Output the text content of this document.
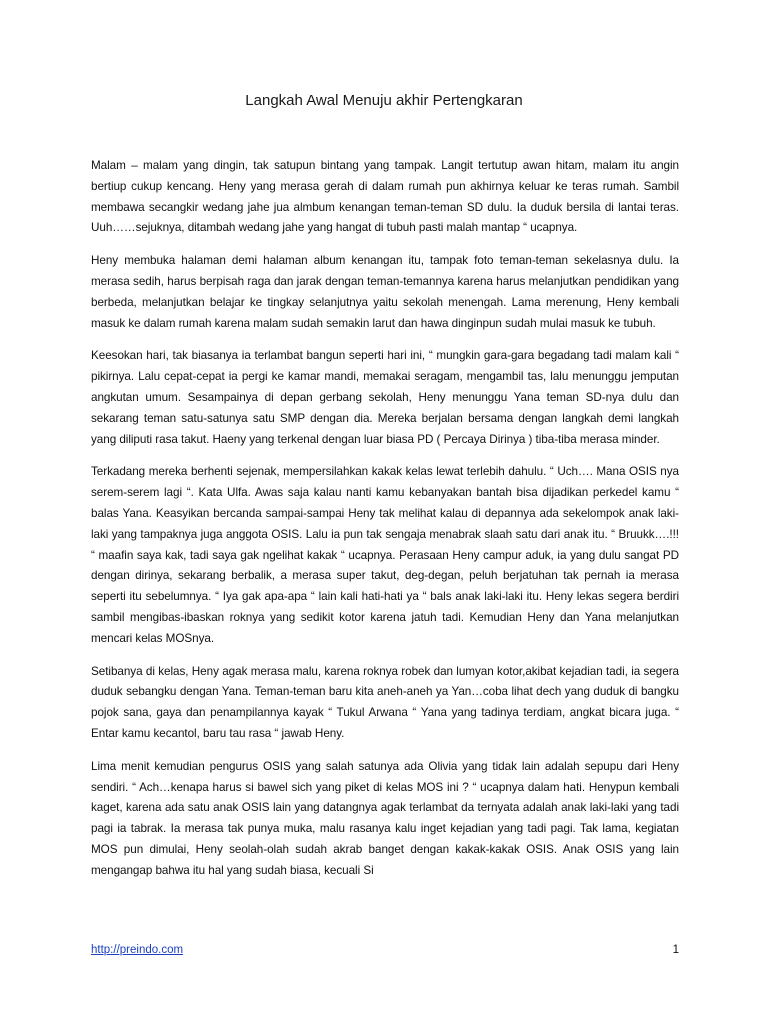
Langkah Awal Menuju akhir Pertengkaran

Malam – malam yang dingin, tak satupun bintang yang tampak. Langit tertutup awan hitam, malam itu angin bertiup cukup kencang. Heny yang merasa gerah di dalam rumah pun akhirnya keluar ke teras rumah. Sambil membawa secangkir wedang jahe jua almbum kenangan teman-teman SD dulu. Ia duduk bersila di lantai teras. Uuh……sejuknya, ditambah wedang jahe yang hangat di tubuh pasti malah mantap “ ucapnya.

Heny membuka halaman demi halaman album kenangan itu, tampak foto teman-teman sekelasnya dulu. Ia merasa sedih, harus berpisah raga dan jarak dengan teman-temannya karena harus melanjutkan pendidikan yang berbeda, melanjutkan belajar ke tingkay selanjutnya yaitu sekolah menengah. Lama merenung, Heny kembali masuk ke dalam rumah karena malam sudah semakin larut dan hawa dinginpun sudah mulai masuk ke tubuh.

Keesokan hari, tak biasanya ia terlambat bangun seperti hari ini, “ mungkin gara-gara begadang tadi malam kali “ pikirnya. Lalu cepat-cepat ia pergi ke kamar mandi, memakai seragam, mengambil tas, lalu menunggu jemputan angkutan umum. Sesampainya di depan gerbang sekolah, Heny menunggu Yana teman SD-nya dulu dan sekarang teman satu-satunya satu SMP dengan dia. Mereka berjalan bersama dengan langkah demi langkah yang diliputi rasa takut. Haeny yang terkenal dengan luar biasa PD ( Percaya Dirinya ) tiba-tiba merasa minder.

Terkadang mereka berhenti sejenak, mempersilahkan kakak kelas lewat terlebih dahulu. “ Uch…. Mana OSIS nya serem-serem lagi “. Kata Ulfa. Awas saja kalau nanti kamu kebanyakan bantah bisa dijadikan perkedel kamu “ balas Yana. Keasyikan bercanda sampai-sampai Heny tak melihat kalau di depannya ada sekelompok anak laki-laki yang tampaknya juga anggota OSIS. Lalu ia pun tak sengaja menabrak slaah satu dari anak itu. “ Bruukk….!!! “ maafin saya kak, tadi saya gak ngelihat kakak “ ucapnya. Perasaan Heny campur aduk, ia yang dulu sangat PD dengan dirinya, sekarang berbalik, a merasa super takut, deg-degan, peluh berjatuhan tak pernah ia merasa seperti itu sebelumnya. “ Iya gak apa-apa “ lain kali hati-hati ya “ bals anak laki-laki itu. Heny lekas segera berdiri sambil mengibas-ibaskan roknya yang sedikit kotor karena jatuh tadi. Kemudian Heny dan Yana melanjutkan mencari kelas MOSnya.

Setibanya di kelas, Heny agak merasa malu, karena roknya robek dan lumyan kotor,akibat kejadian tadi, ia segera duduk sebangku dengan Yana. Teman-teman baru kita aneh-aneh ya Yan…coba lihat dech yang duduk di bangku pojok sana, gaya dan penampilannya kayak “ Tukul Arwana “ Yana yang tadinya terdiam, angkat bicara juga. “ Entar kamu kecantol, baru tau rasa “ jawab Heny.

Lima menit kemudian pengurus OSIS yang salah satunya ada Olivia yang tidak lain adalah sepupu dari Heny sendiri. “ Ach…kenapa harus si bawel sich yang piket di kelas MOS ini ? “ ucapnya dalam hati. Henypun kembali kaget, karena ada satu anak OSIS lain yang datangnya agak terlambat da ternyata adalah anak laki-laki yang tadi pagi ia tabrak. Ia merasa tak punya muka, malu rasanya kalu inget kejadian yang tadi pagi. Tak lama, kegiatan MOS pun dimulai, Heny seolah-olah sudah akrab banget dengan kakak-kakak OSIS. Anak OSIS yang lain mengangap bahwa itu hal yang sudah biasa, kecuali Si

http://preindo.com	1
